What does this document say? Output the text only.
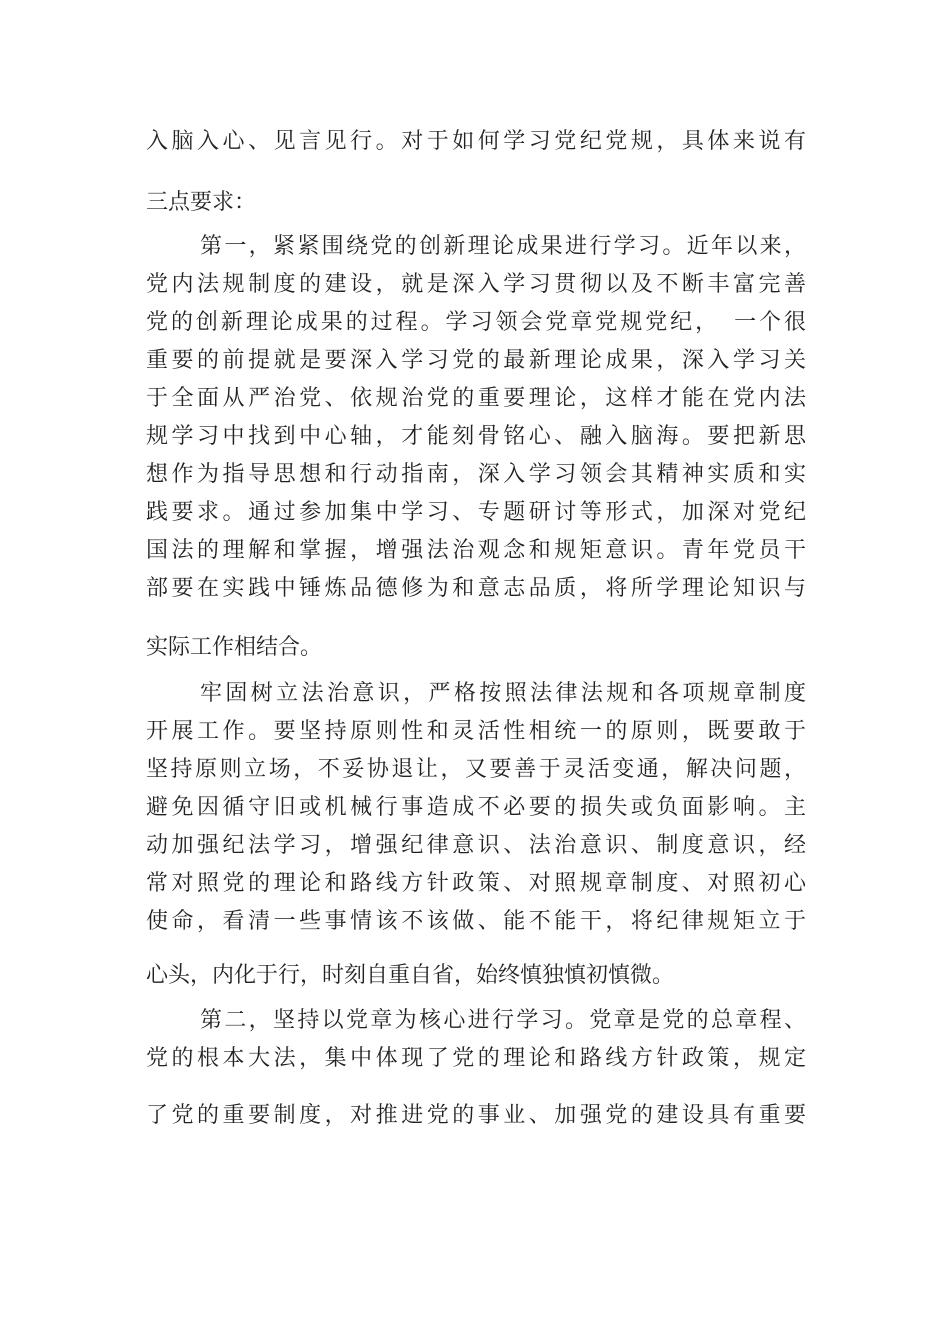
入脑入心、见言见行。对于如何学习党纪党规，具体来说有
三点要求：
第一，紧紧围绕党的创新理论成果进行学习。近年以来，
党内法规制度的建设，就是深入学习贯彻以及不断丰富完善
党的创新理论成果的过程。学习领会党章党规党纪，　一个很
重要的前提就是要深入学习党的最新理论成果，深入学习关
于全面从严治党、依规治党的重要理论，这样才能在党内法
规学习中找到中心轴，才能刻骨铭心、融入脑海。要把新思
想作为指导思想和行动指南，深入学习领会其精神实质和实
践要求。通过参加集中学习、专题研讨等形式，加深对党纪
国法的理解和掌握，增强法治观念和规矩意识。青年党员干
部要在实践中锤炼品德修为和意志品质，将所学理论知识与
实际工作相结合。
牢固树立法治意识，严格按照法律法规和各项规章制度
开展工作。要坚持原则性和灵活性相统一的原则，既要敢于
坚持原则立场，不妥协退让，又要善于灵活变通，解决问题，
避免因循守旧或机械行事造成不必要的损失或负面影响。主
动加强纪法学习，增强纪律意识、法治意识、制度意识，经
常对照党的理论和路线方针政策、对照规章制度、对照初心
使命，看清一些事情该不该做、能不能干，将纪律规矩立于
心头，内化于行，时刻自重自省，始终慎独慎初慎微。
第二，坚持以党章为核心进行学习。党章是党的总章程、
党的根本大法，集中体现了党的理论和路线方针政策，规定
了党的重要制度，对推进党的事业、加强党的建设具有重要
